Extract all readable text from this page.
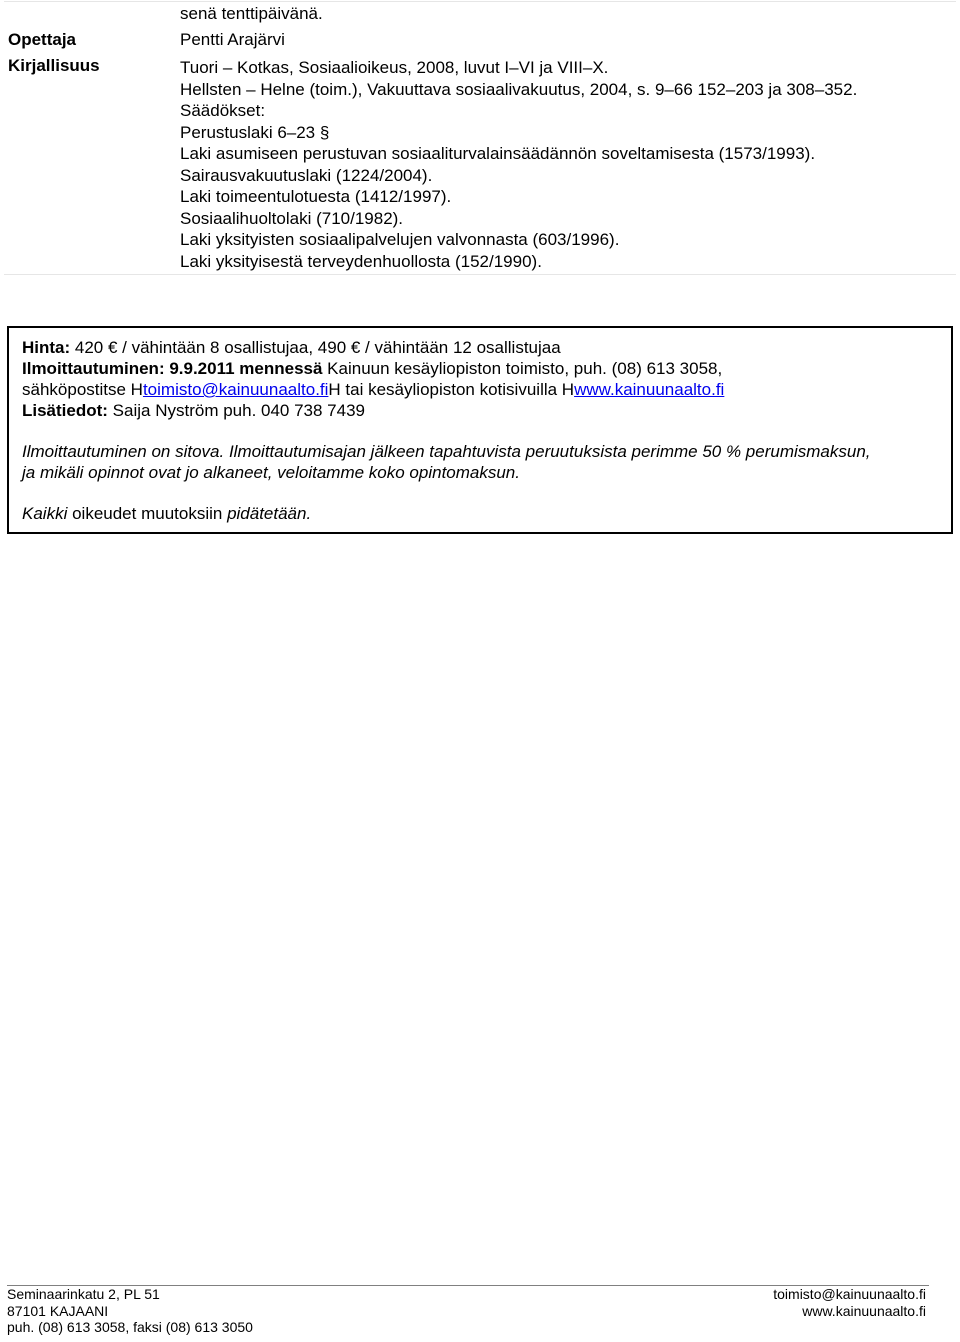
senä tenttipäivänä.
Opettaja	Pentti Arajärvi
Kirjallisuus	Tuori – Kotkas, Sosiaalioikeus, 2008, luvut I–VI ja VIII–X.
Hellsten – Helne (toim.), Vakuuttava sosiaalivakuutus, 2004, s. 9–66 152–203 ja 308–352.
Säädökset:
Perustuslaki 6–23 §
Laki asumiseen perustuvan sosiaaliturvalainsäädännön soveltamisesta (1573/1993).
Sairausvakuutuslaki (1224/2004).
Laki toimeentulotuesta (1412/1997).
Sosiaalihuoltolaki (710/1982).
Laki yksityisten sosiaalipalvelujen valvonnasta (603/1996).
Laki yksityisestä terveydenhuollosta (152/1990).
Hinta: 420 € / vähintään 8 osallistujaa, 490 € / vähintään 12 osallistujaa
Ilmoittautuminen: 9.9.2011 mennessä Kainuun kesäyliopiston toimisto, puh. (08) 613 3058,
sähköpostitse Htoimisto@kainuunaalto.fiH tai kesäyliopiston kotisivuilla Hwww.kainuunaalto.fi
Lisätiedot: Saija Nyström puh. 040 738 7439
Ilmoittautuminen on sitova. Ilmoittautumisajan jälkeen tapahtuvista peruutuksista perimme 50 % perumismaksun,
ja mikäli opinnot ovat jo alkaneet, veloitamme koko opintomaksun.
Kaikki oikeudet muutoksiin pidätetään.
Seminaarinkatu 2, PL 51
87101 KAJAANI
puh. (08) 613 3058, faksi (08) 613 3050
toimisto@kainuunaalto.fi
www.kainuunaalto.fi
